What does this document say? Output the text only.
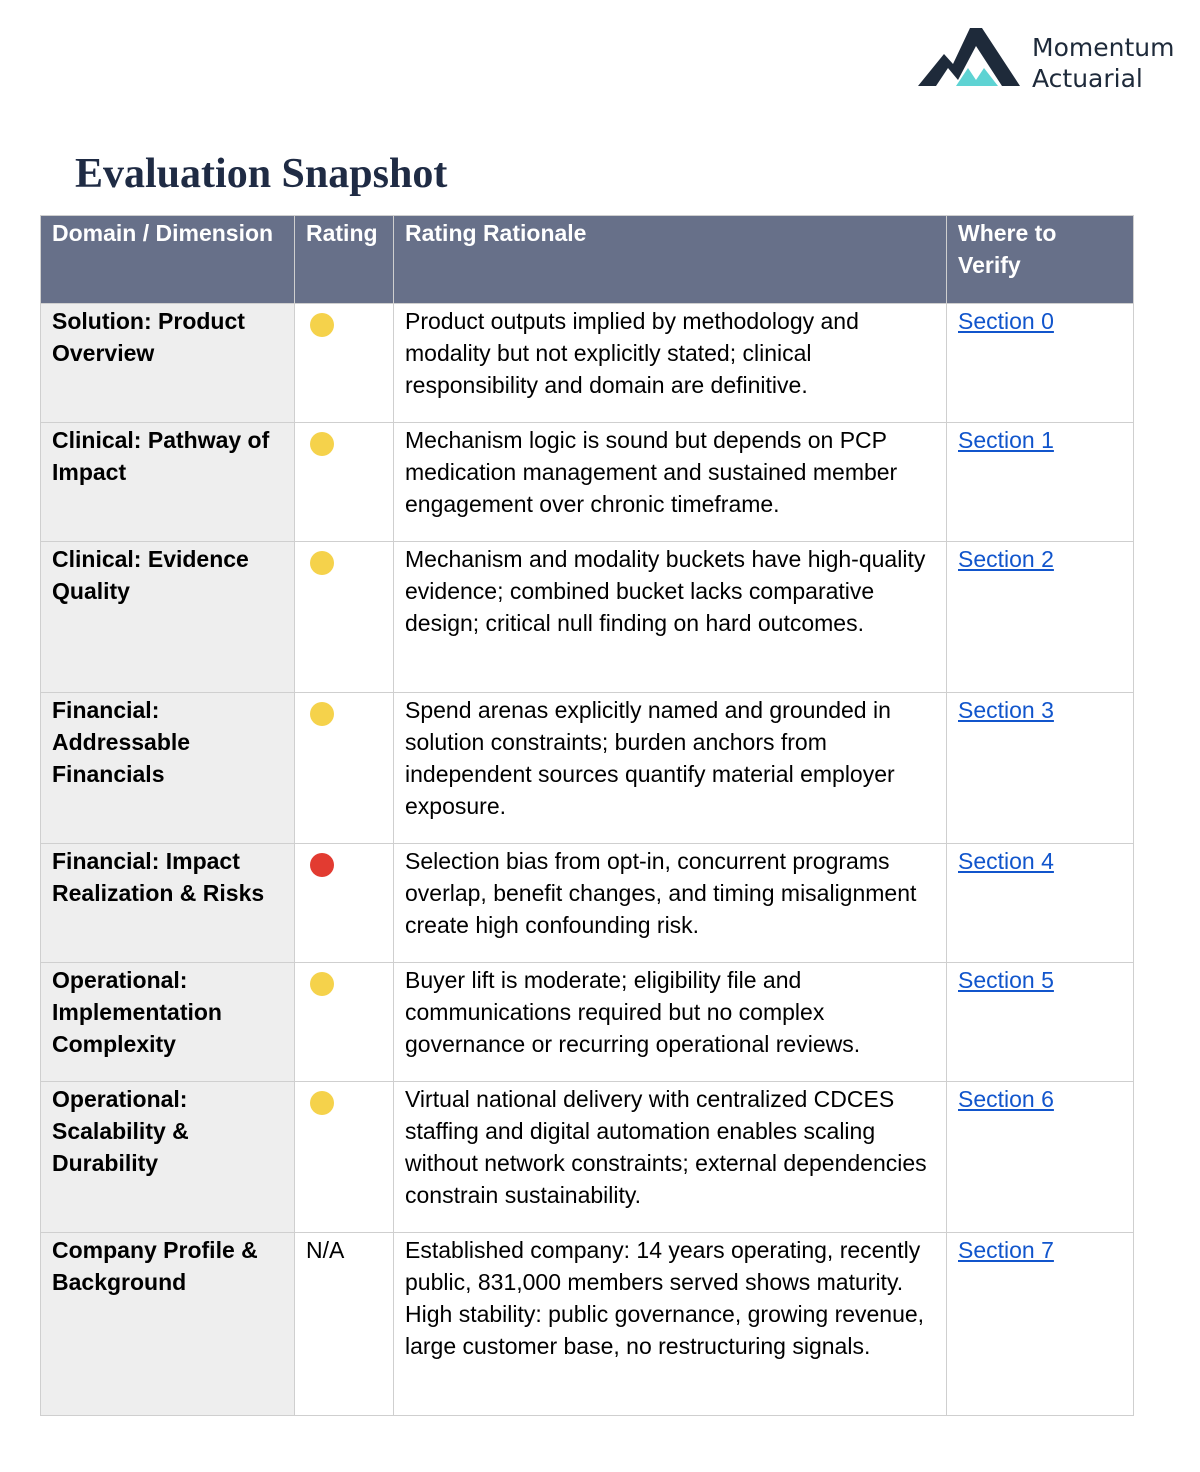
Momentum
Actuarial
Evaluation Snapshot
Domain / Dimension	Rating	Rating Rationale	Where to Verify
Solution: Product Overview		Product outputs implied by methodology and modality but not explicitly stated; clinical responsibility and domain are definitive.	Section 0
Clinical: Pathway of Impact		Mechanism logic is sound but depends on PCP medication management and sustained member engagement over chronic timeframe.	Section 1
Clinical: Evidence Quality		Mechanism and modality buckets have high-quality evidence; combined bucket lacks comparative design; critical null finding on hard outcomes.	Section 2
Financial: Addressable Financials		Spend arenas explicitly named and grounded in solution constraints; burden anchors from independent sources quantify material employer exposure.	Section 3
Financial: Impact Realization & Risks		Selection bias from opt-in, concurrent programs overlap, benefit changes, and timing misalignment create high confounding risk.	Section 4
Operational: Implementation Complexity		Buyer lift is moderate; eligibility file and communications required but no complex governance or recurring operational reviews.	Section 5
Operational: Scalability & Durability		Virtual national delivery with centralized CDCES staffing and digital automation enables scaling without network constraints; external dependencies constrain sustainability.	Section 6
Company Profile & Background	N/A	Established company: 14 years operating, recently public, 831,000 members served shows maturity. High stability: public governance, growing revenue, large customer base, no restructuring signals.	Section 7
